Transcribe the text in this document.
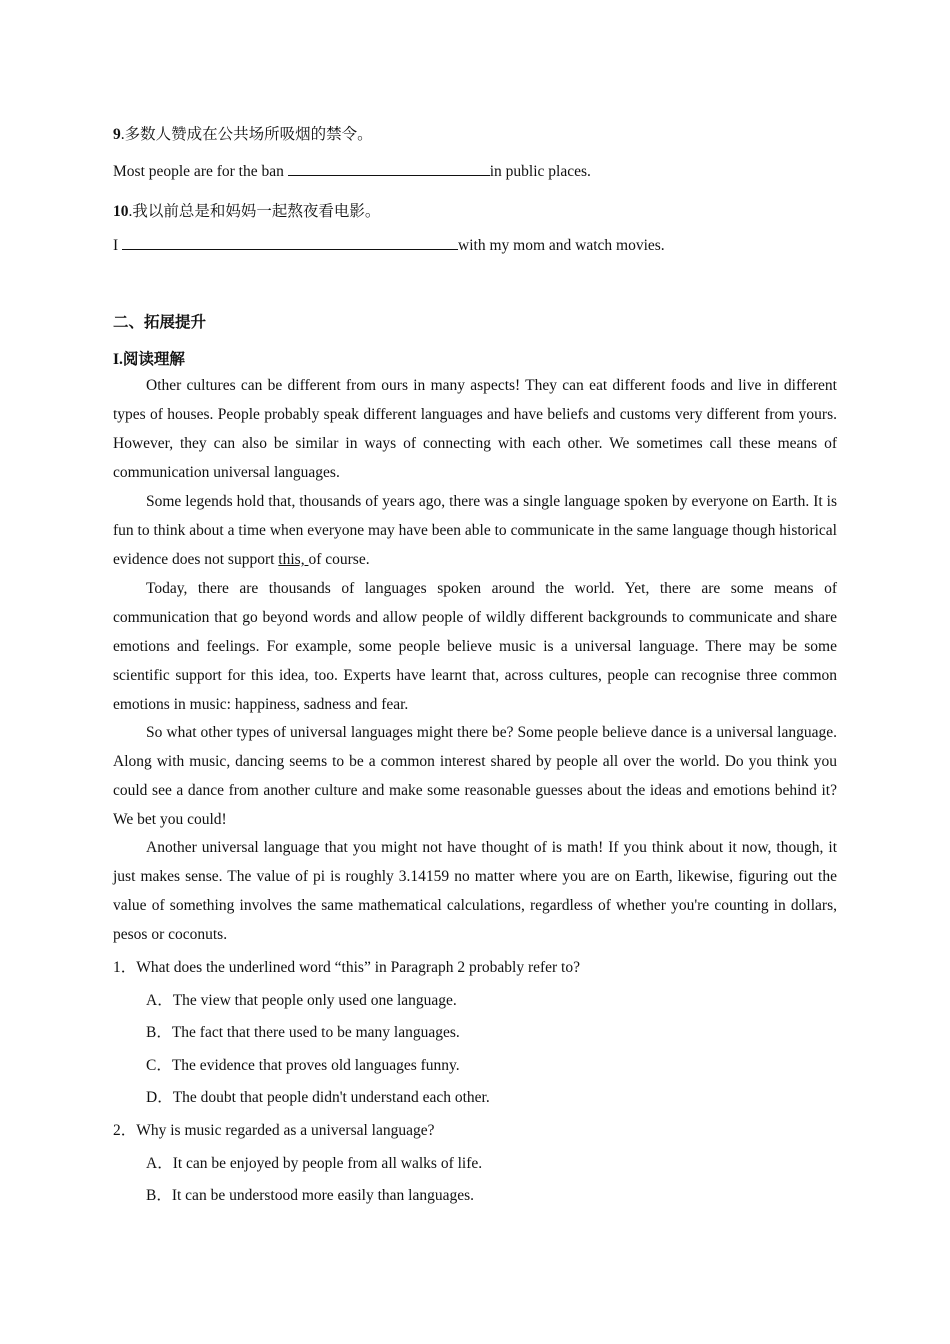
9.多数人赞成在公共场所吸烟的禁令。
Most people are for the ban	in public places.
10.我以前总是和妈妈一起熬夜看电影。
I	with my mom and watch movies.
二、拓展提升
I.阅读理解

Other cultures can be different from ours in many aspects! They can eat different foods and live in different types of houses. People probably speak different languages and have beliefs and customs very different from yours. However, they can also be similar in ways of connecting with each other. We sometimes call these means of communication universal languages.

Some legends hold that, thousands of years ago, there was a single language spoken by everyone on Earth. It is fun to think about a time when everyone may have been able to communicate in the same language though historical evidence does not support this, of course.

Today, there are thousands of languages spoken around the world. Yet, there are some means of communication that go beyond words and allow people of wildly different backgrounds to communicate and share emotions and feelings. For example, some people believe music is a universal language. There may be some scientific support for this idea, too. Experts have learnt that, across cultures, people can recognise three common emotions in music: happiness, sadness and fear.

So what other types of universal languages might there be? Some people believe dance is a universal language. Along with music, dancing seems to be a common interest shared by people all over the world. Do you think you could see a dance from another culture and make some reasonable guesses about the ideas and emotions behind it? We bet you could!

Another universal language that you might not have thought of is math! If you think about it now, though, it just makes sense. The value of pi is roughly 3.14159 no matter where you are on Earth, likewise, figuring out the value of something involves the same mathematical calculations, regardless of whether you're counting in dollars, pesos or coconuts.

1．What does the underlined word “this” in Paragraph 2 probably refer to?
A．The view that people only used one language.
B．The fact that there used to be many languages.
C．The evidence that proves old languages funny.
D．The doubt that people didn't understand each other.
2．Why is music regarded as a universal language?
A．It can be enjoyed by people from all walks of life.
B．It can be understood more easily than languages.
